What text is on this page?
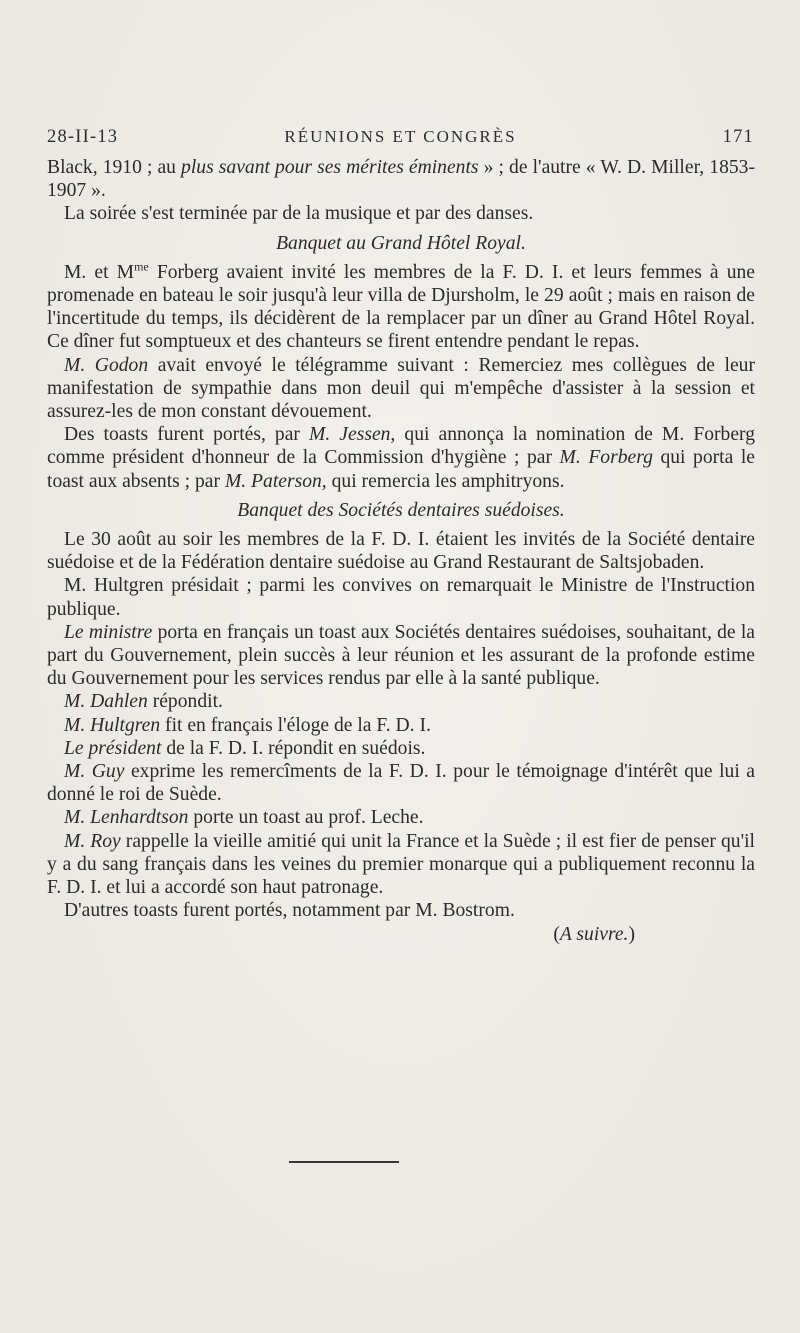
28-II-13	RÉUNIONS ET CONGRÈS	171

Black, 1910 ; au plus savant pour ses mérites éminents » ; de l'autre « W. D. Miller, 1853-1907 ».

La soirée s'est terminée par de la musique et par des danses.

Banquet au Grand Hôtel Royal.

M. et $M^{me}$ Forberg avaient invité les membres de la F. D. I. et leurs femmes à une promenade en bateau le soir jusqu'à leur villa de Djursholm, le 29 août ; mais en raison de l'incertitude du temps, ils décidèrent de la remplacer par un dîner au Grand Hôtel Royal. Ce dîner fut somptueux et des chanteurs se firent entendre pendant le repas.

M. Godon avait envoyé le télégramme suivant : Remerciez mes collègues de leur manifestation de sympathie dans mon deuil qui m'empêche d'assister à la session et assurez-les de mon constant dévouement.

Des toasts furent portés, par M. Jessen, qui annonça la nomination de M. Forberg comme président d'honneur de la Commission d'hygiène ; par M. Forberg qui porta le toast aux absents ; par M. Paterson, qui remercia les amphitryons.

Banquet des Sociétés dentaires suédoises.

Le 30 août au soir les membres de la F. D. I. étaient les invités de la Société dentaire suédoise et de la Fédération dentaire suédoise au Grand Restaurant de Saltsjobaden.

M. Hultgren présidait ; parmi les convives on remarquait le Ministre de l'Instruction publique.

Le ministre porta en français un toast aux Sociétés dentaires suédoises, souhaitant, de la part du Gouvernement, plein succès à leur réunion et les assurant de la profonde estime du Gouvernement pour les services rendus par elle à la santé publique.

M. Dahlen répondit.

M. Hultgren fit en français l'éloge de la F. D. I.

Le président de la F. D. I. répondit en suédois.

M. Guy exprime les remercîments de la F. D. I. pour le témoignage d'intérêt que lui a donné le roi de Suède.

M. Lenhardtson porte un toast au prof. Leche.

M. Roy rappelle la vieille amitié qui unit la France et la Suède ; il est fier de penser qu'il y a du sang français dans les veines du premier monarque qui a publiquement reconnu la F. D. I. et lui a accordé son haut patronage.

D'autres toasts furent portés, notamment par M. Bostrom.

(A suivre.)
